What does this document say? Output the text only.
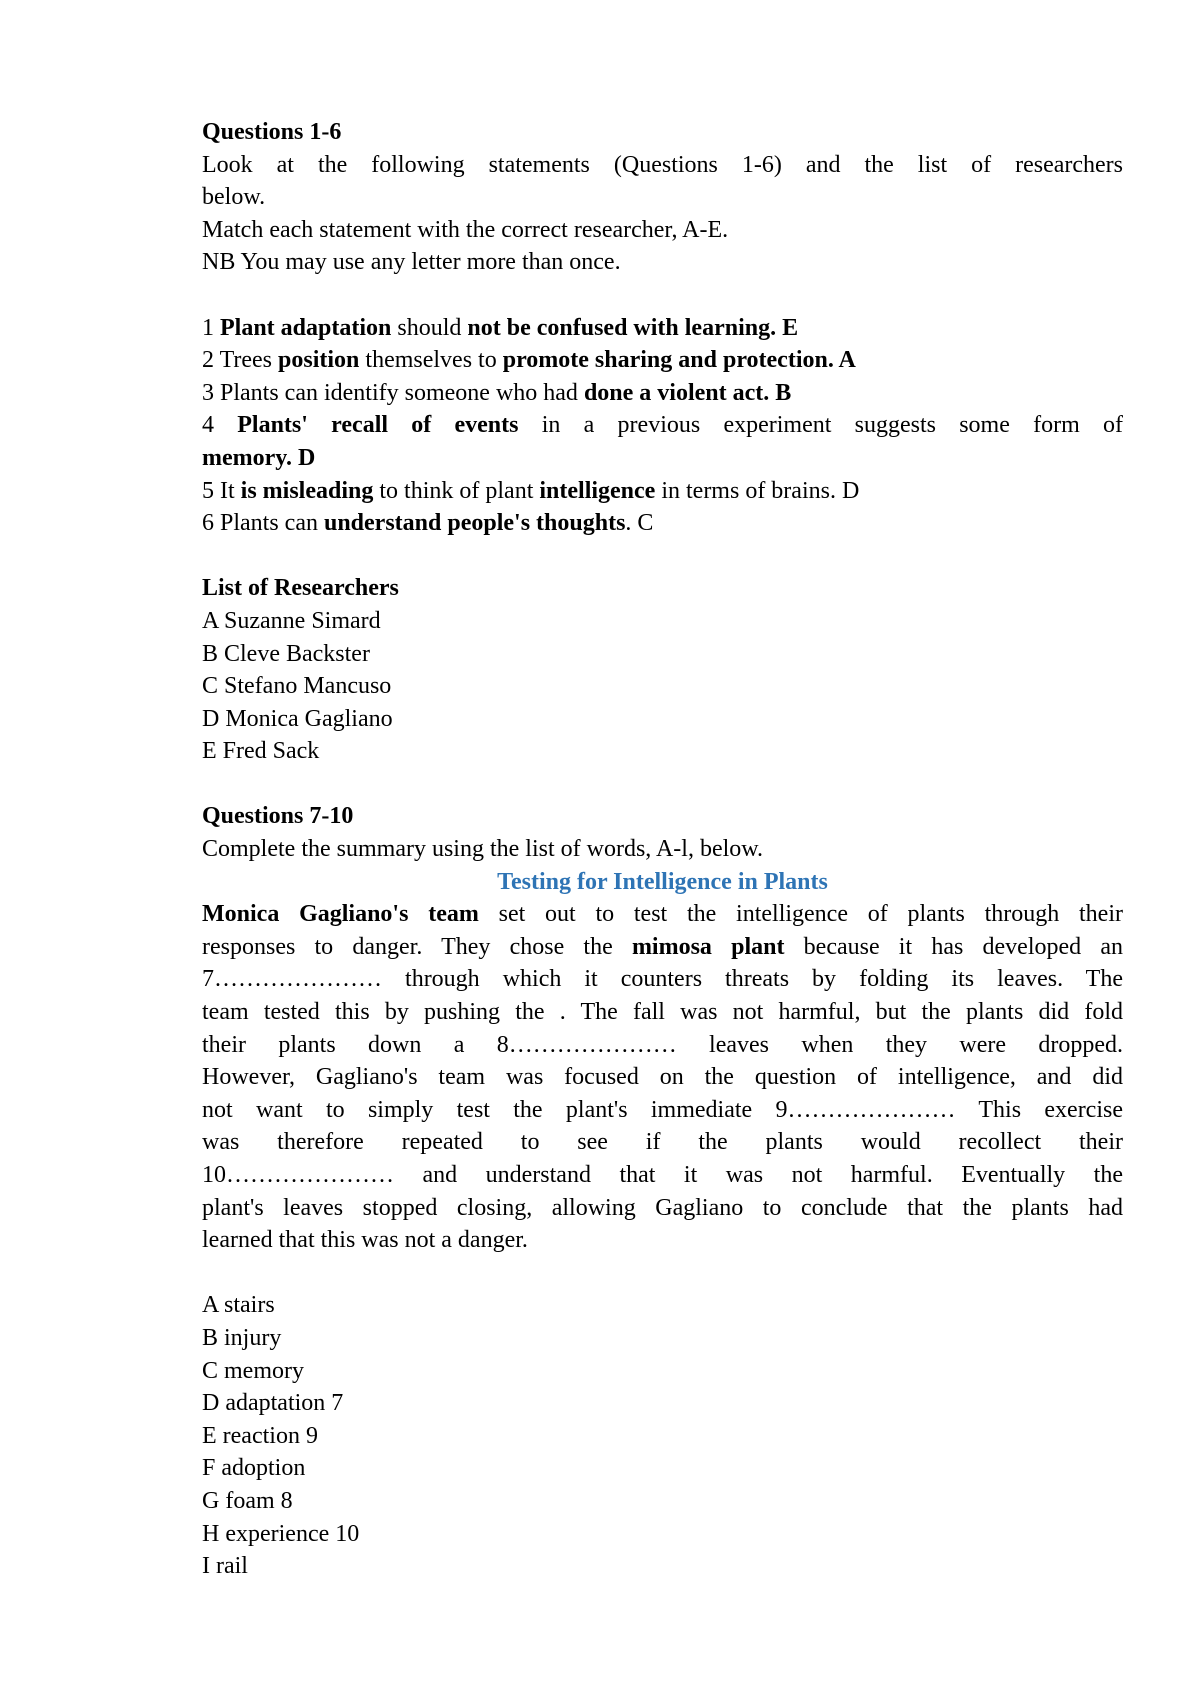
Questions 1-6
Look at the following statements (Questions 1-6) and the list of researchers
below.
Match each statement with the correct researcher, A-E.
NB You may use any letter more than once.
1 Plant adaptation should not be confused with learning. E
2 Trees position themselves to promote sharing and protection. A
3 Plants can identify someone who had done a violent act. B
4 Plants' recall of events in a previous experiment suggests some form of
memory. D
5 It is misleading to think of plant intelligence in terms of brains. D
6 Plants can understand people's thoughts. C
List of Researchers
A Suzanne Simard
B Cleve Backster
C Stefano Mancuso
D Monica Gagliano
E Fred Sack
Questions 7-10
Complete the summary using the list of words, A-l, below.
Testing for Intelligence in Plants
Monica Gagliano's team set out to test the intelligence of plants through their
responses to danger. They chose the mimosa plant because it has developed an
7………………… through which it counters threats by folding its leaves. The
team tested this by pushing the . The fall was not harmful, but the plants did fold
their plants down a 8………………… leaves when they were dropped.
However, Gagliano's team was focused on the question of intelligence, and did
not want to simply test the plant's immediate 9………………… This exercise
was therefore repeated to see if the plants would recollect their
10………………… and understand that it was not harmful. Eventually the
plant's leaves stopped closing, allowing Gagliano to conclude that the plants had
learned that this was not a danger.
A stairs
B injury
C memory
D adaptation 7
E reaction 9
F adoption
G foam 8
H experience 10
I rail
